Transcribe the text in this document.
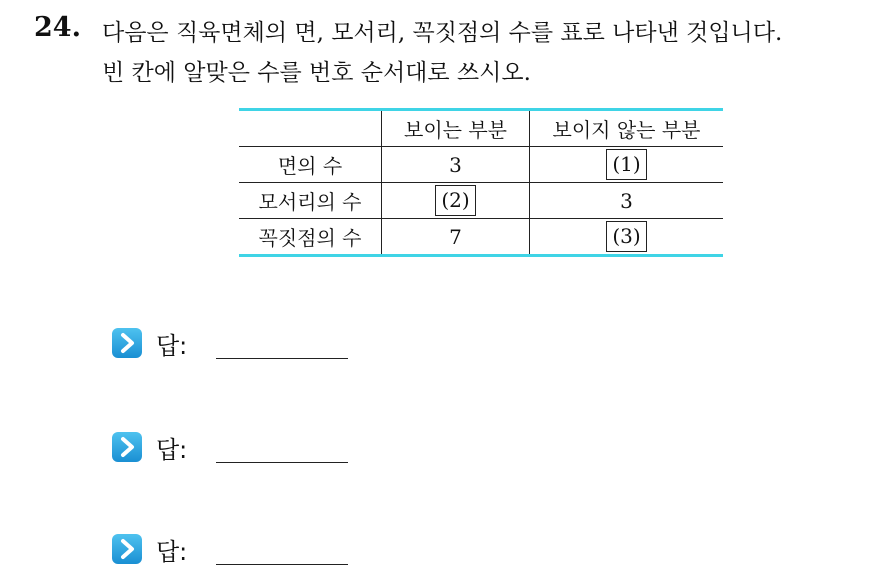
24. 다음은 직육면체의 면, 모서리, 꼭짓점의 수를 표로 나타낸 것입니다.
빈 칸에 알맞은 수를 번호 순서대로 쓰시오.
	보이는 부분	보이지 않는 부분
면의 수	3	(1)
모서리의 수	(2)	3
꼭짓점의 수	7	(3)
답:
답:
답:
